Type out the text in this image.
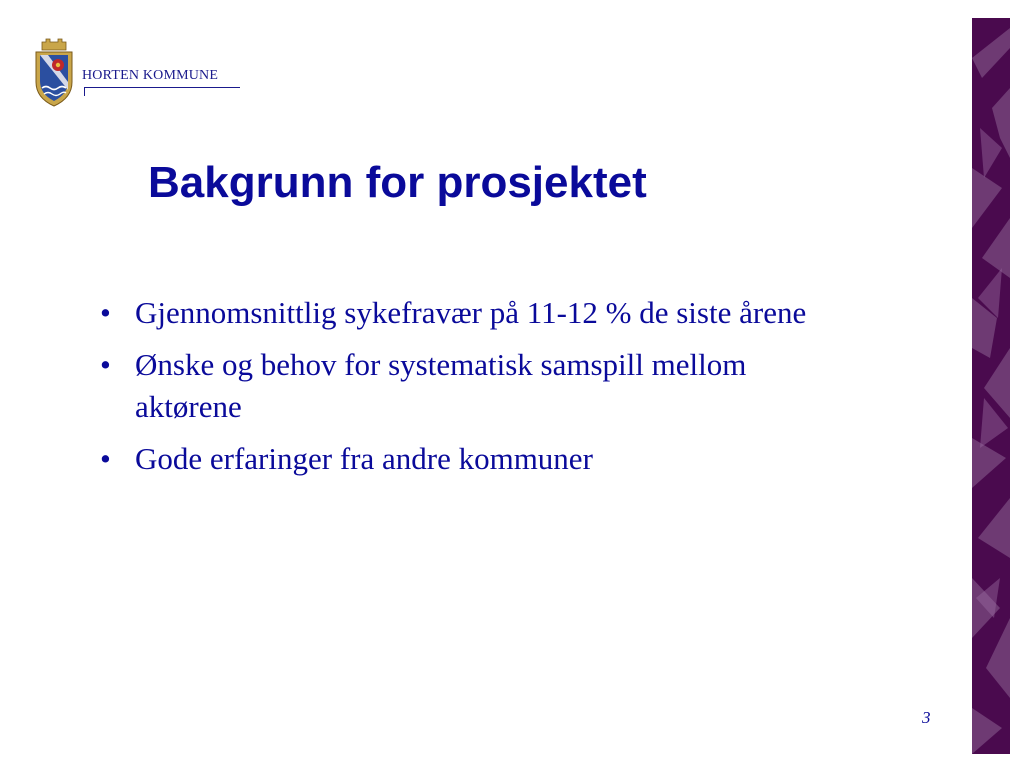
HORTEN KOMMUNE
Bakgrunn for prosjektet
• Gjennomsnittlig sykefravær på 11-12 % de siste årene
• Ønske og behov for systematisk samspill mellom aktørene
• Gode erfaringer fra andre kommuner
3
